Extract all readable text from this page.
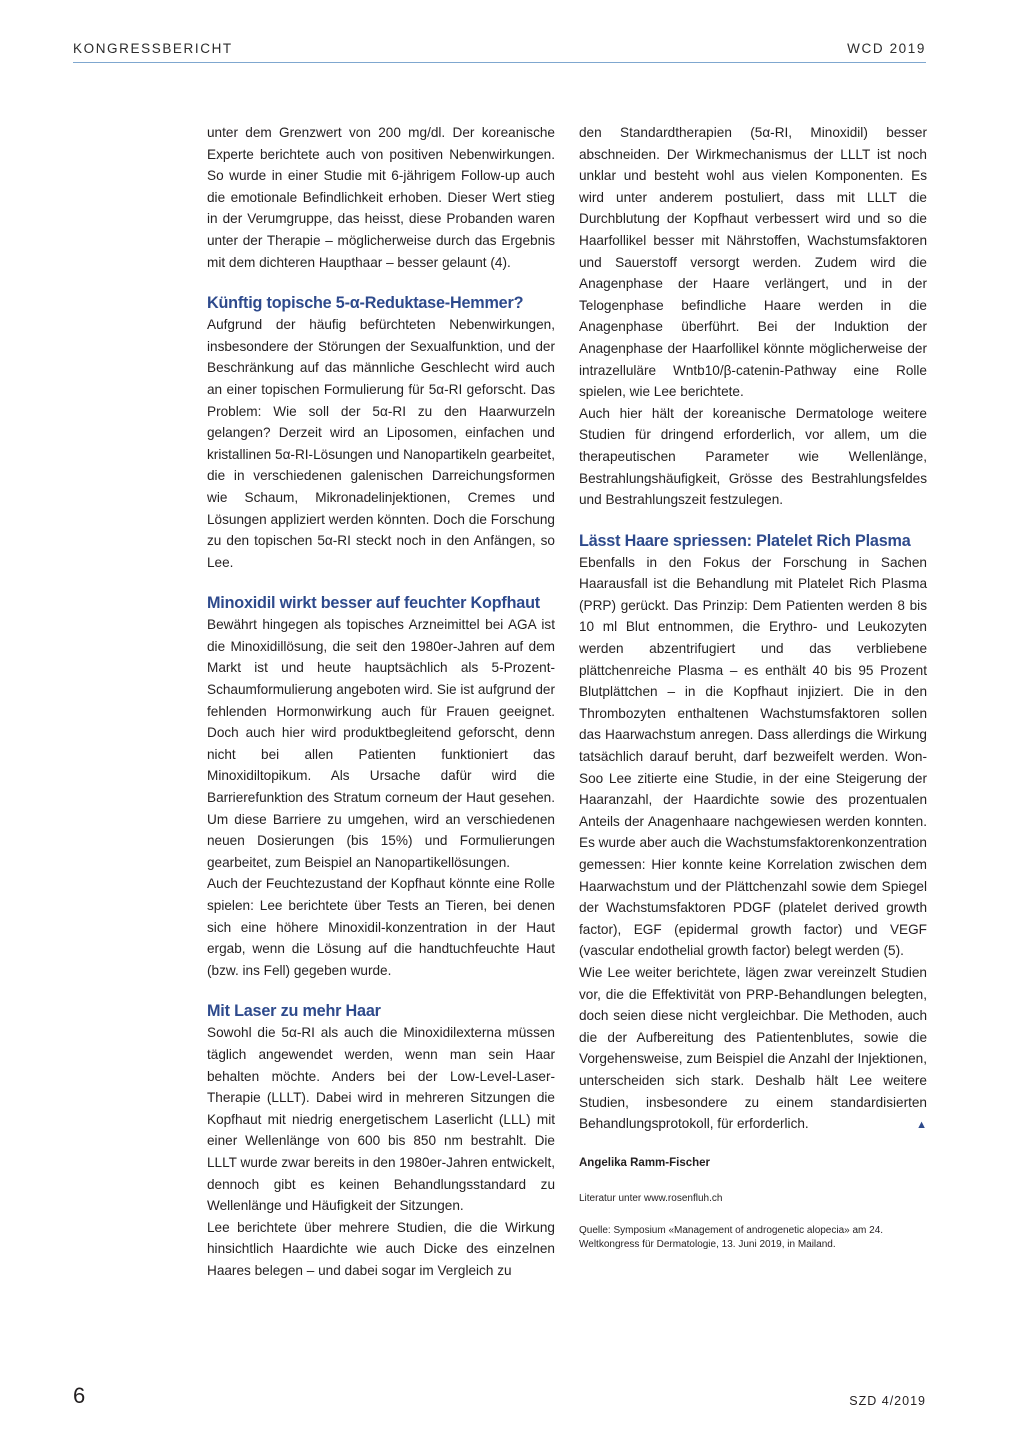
KONGRESSBERICHT	WCD 2019

unter dem Grenzwert von 200 mg/dl. Der koreanische Experte berichtete auch von positiven Nebenwirkungen. So wurde in einer Studie mit 6-jährigem Follow-up auch die emotionale Befindlichkeit erhoben. Dieser Wert stieg in der Verumgruppe, das heisst, diese Probanden waren unter der Therapie – möglicherweise durch das Ergebnis mit dem dichteren Haupthaar – besser gelaunt (4).

Künftig topische 5-α-Reduktase-Hemmer?

Aufgrund der häufig befürchteten Nebenwirkungen, insbesondere der Störungen der Sexualfunktion, und der Beschränkung auf das männliche Geschlecht wird auch an einer topischen Formulierung für 5α-RI geforscht. Das Problem: Wie soll der 5α-RI zu den Haarwurzeln gelangen? Derzeit wird an Liposomen, einfachen und kristallinen 5α-RI-Lösungen und Nanopartikeln gearbeitet, die in verschiedenen galenischen Darreichungsformen wie Schaum, Mikronadelinjektionen, Cremes und Lösungen appliziert werden könnten. Doch die Forschung zu den topischen 5α-RI steckt noch in den Anfängen, so Lee.

Minoxidil wirkt besser auf feuchter Kopfhaut

Bewährt hingegen als topisches Arzneimittel bei AGA ist die Minoxidillösung, die seit den 1980er-Jahren auf dem Markt ist und heute hauptsächlich als 5-Prozent-Schaumformulierung angeboten wird. Sie ist aufgrund der fehlenden Hormonwirkung auch für Frauen geeignet. Doch auch hier wird produktbegleitend geforscht, denn nicht bei allen Patienten funktioniert das Minoxidiltopikum. Als Ursache dafür wird die Barrierefunktion des Stratum corneum der Haut gesehen. Um diese Barriere zu umgehen, wird an verschiedenen neuen Dosierungen (bis 15%) und Formulierungen gearbeitet, zum Beispiel an Nanopartikellösungen.

Auch der Feuchtezustand der Kopfhaut könnte eine Rolle spielen: Lee berichtete über Tests an Tieren, bei denen sich eine höhere Minoxidil-konzentration in der Haut ergab, wenn die Lösung auf die handtuchfeuchte Haut (bzw. ins Fell) gegeben wurde.

Mit Laser zu mehr Haar

Sowohl die 5α-RI als auch die Minoxidilexterna müssen täglich angewendet werden, wenn man sein Haar behalten möchte. Anders bei der Low-Level-Laser-Therapie (LLLT). Dabei wird in mehreren Sitzungen die Kopfhaut mit niedrig energetischem Laserlicht (LLL) mit einer Wellenlänge von 600 bis 850 nm bestrahlt. Die LLLT wurde zwar bereits in den 1980er-Jahren entwickelt, dennoch gibt es keinen Behandlungsstandard zu Wellenlänge und Häufigkeit der Sitzungen.

Lee berichtete über mehrere Studien, die die Wirkung hinsichtlich Haardichte wie auch Dicke des einzelnen Haares belegen – und dabei sogar im Vergleich zu

den Standardtherapien (5α-RI, Minoxidil) besser abschneiden. Der Wirkmechanismus der LLLT ist noch unklar und besteht wohl aus vielen Komponenten. Es wird unter anderem postuliert, dass mit LLLT die Durchblutung der Kopfhaut verbessert wird und so die Haarfollikel besser mit Nährstoffen, Wachstumsfaktoren und Sauerstoff versorgt werden. Zudem wird die Anagenphase der Haare verlängert, und in der Telogenphase befindliche Haare werden in die Anagenphase überführt. Bei der Induktion der Anagenphase der Haarfollikel könnte möglicherweise der intrazelluläre Wntb10/β-catenin-Pathway eine Rolle spielen, wie Lee berichtete.

Auch hier hält der koreanische Dermatologe weitere Studien für dringend erforderlich, vor allem, um die therapeutischen Parameter wie Wellenlänge, Bestrahlungshäufigkeit, Grösse des Bestrahlungsfeldes und Bestrahlungszeit festzulegen.

Lässt Haare spriessen: Platelet Rich Plasma

Ebenfalls in den Fokus der Forschung in Sachen Haarausfall ist die Behandlung mit Platelet Rich Plasma (PRP) gerückt. Das Prinzip: Dem Patienten werden 8 bis 10 ml Blut entnommen, die Erythro- und Leukozyten werden abzentrifugiert und das verbliebene plättchenreiche Plasma – es enthält 40 bis 95 Prozent Blutplättchen – in die Kopfhaut injiziert. Die in den Thrombozyten enthaltenen Wachstumsfaktoren sollen das Haarwachstum anregen. Dass allerdings die Wirkung tatsächlich darauf beruht, darf bezweifelt werden. Won-Soo Lee zitierte eine Studie, in der eine Steigerung der Haaranzahl, der Haardichte sowie des prozentualen Anteils der Anagenhaare nachgewiesen werden konnten. Es wurde aber auch die Wachstumsfaktorenkonzentration gemessen: Hier konnte keine Korrelation zwischen dem Haarwachstum und der Plättchenzahl sowie dem Spiegel der Wachstumsfaktoren PDGF (platelet derived growth factor), EGF (epidermal growth factor) und VEGF (vascular endothelial growth factor) belegt werden (5).

Wie Lee weiter berichtete, lägen zwar vereinzelt Studien vor, die die Effektivität von PRP-Behandlungen belegten, doch seien diese nicht vergleichbar. Die Methoden, auch die der Aufbereitung des Patientenblutes, sowie die Vorgehensweise, zum Beispiel die Anzahl der Injektionen, unterscheiden sich stark. Deshalb hält Lee weitere Studien, insbesondere zu einem standardisierten Behandlungsprotokoll, für erforderlich.	▲

Angelika Ramm-Fischer

Literatur unter www.rosenfluh.ch

Quelle: Symposium «Management of androgenetic alopecia» am 24. Weltkongress für Dermatologie, 13. Juni 2019, in Mailand.

6	SZD 4/2019
